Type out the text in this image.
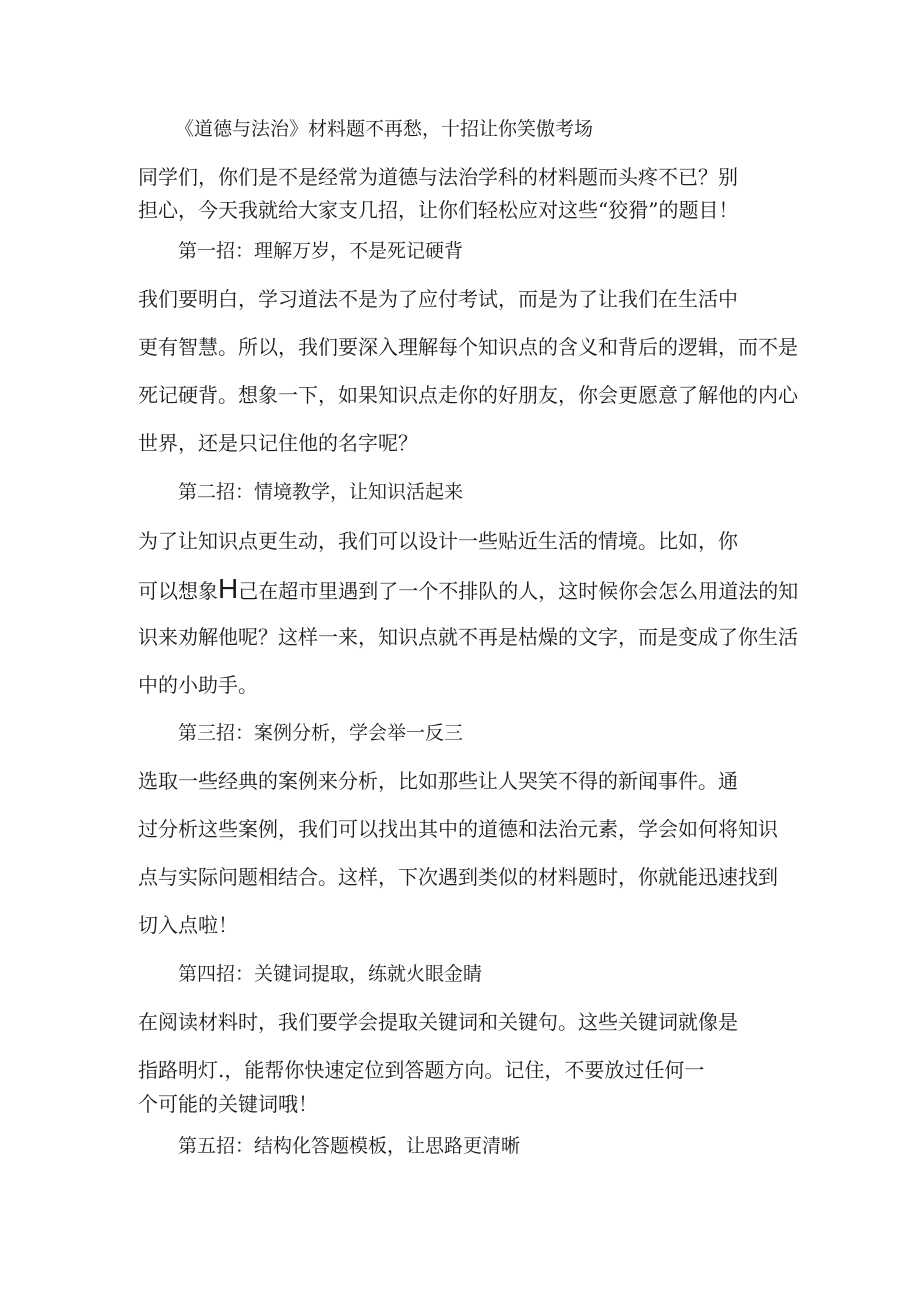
《道德与法治》材料题不再愁，十招让你笑傲考场
同学们，你们是不是经常为道德与法治学科的材料题而头疼不已？别
担心，今天我就给大家支几招，让你们轻松应对这些“狡猾”的题目！
第一招：理解万岁，不是死记硬背
我们要明白，学习道法不是为了应付考试，而是为了让我们在生活中
更有智慧。所以，我们要深入理解每个知识点的含义和背后的逻辑，而不是
死记硬背。想象一下，如果知识点走你的好朋友，你会更愿意了解他的内心
世界，还是只记住他的名字呢？
第二招：情境教学，让知识活起来
为了让知识点更生动，我们可以设计一些贴近生活的情境。比如，你
可以想象H己在超市里遇到了一个不排队的人，这时候你会怎么用道法的知
识来劝解他呢？这样一来，知识点就不再是枯燥的文字，而是变成了你生活
中的小助手。
第三招：案例分析，学会举一反三
选取一些经典的案例来分析，比如那些让人哭笑不得的新闻事件。通
过分析这些案例，我们可以找出其中的道德和法治元素，学会如何将知识
点与实际问题相结合。这样，下次遇到类似的材料题时，你就能迅速找到
切入点啦！
第四招：关键词提取，练就火眼金睛
在阅读材料时，我们要学会提取关键词和关键句。这些关键词就像是
指路明灯.，能帮你快速定位到答题方向。记住，不要放过任何一
个可能的关键词哦！
第五招：结构化答题模板，让思路更清晰
